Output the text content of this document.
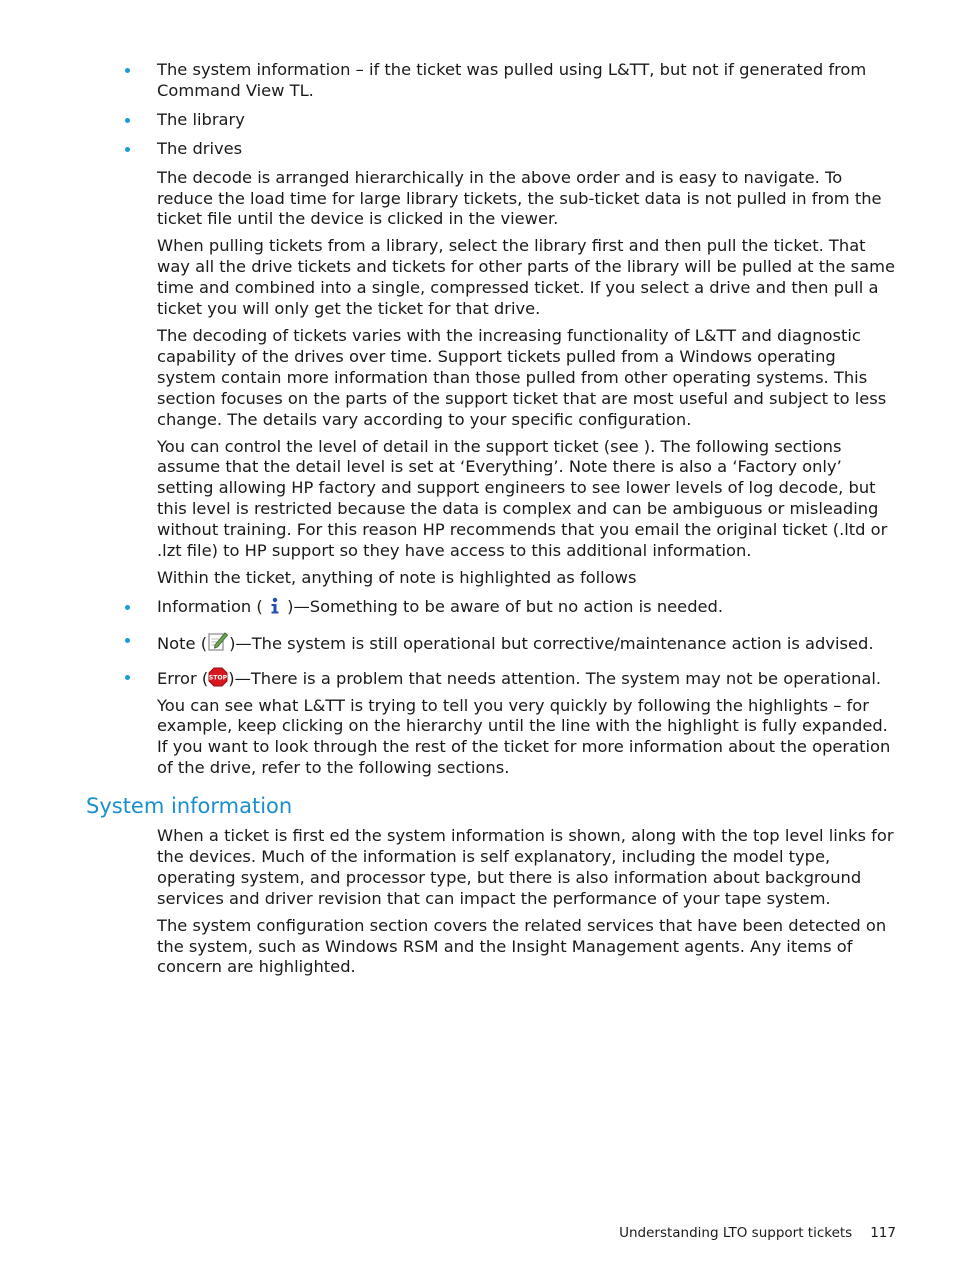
The system information – if the ticket was pulled using L&TT, but not if generated from Command View TL.
The library
The drives

The decode is arranged hierarchically in the above order and is easy to navigate. To reduce the load time for large library tickets, the sub-ticket data is not pulled in from the ticket file until the device is clicked in the viewer.

When pulling tickets from a library, select the library first and then pull the ticket. That way all the drive tickets and tickets for other parts of the library will be pulled at the same time and combined into a single, compressed ticket. If you select a drive and then pull a ticket you will only get the ticket for that drive.

The decoding of tickets varies with the increasing functionality of L&TT and diagnostic capability of the drives over time. Support tickets pulled from a Windows operating system contain more information than those pulled from other operating systems. This section focuses on the parts of the support ticket that are most useful and subject to less change. The details vary according to your specific configuration.

You can control the level of detail in the support ticket (see ). The following sections assume that the detail level is set at ‘Everything’. Note there is also a ‘Factory only’ setting allowing HP factory and support engineers to see lower levels of log decode, but this level is restricted because the data is complex and can be ambiguous or misleading without training. For this reason HP recommends that you email the original ticket (.ltd or .lzt file) to HP support so they have access to this additional information.

Within the ticket, anything of note is highlighted as follows

Information (  )—Something to be aware of but no action is needed.
Note ( )—The system is still operational but corrective/maintenance action is advised.
Error ( STOP )—There is a problem that needs attention. The system may not be operational.

You can see what L&TT is trying to tell you very quickly by following the highlights – for example, keep clicking on the hierarchy until the line with the highlight is fully expanded. If you want to look through the rest of the ticket for more information about the operation of the drive, refer to the following sections.

System information

When a ticket is first ed the system information is shown, along with the top level links for the devices. Much of the information is self explanatory, including the model type, operating system, and processor type, but there is also information about background services and driver revision that can impact the performance of your tape system.

The system configuration section covers the related services that have been detected on the system, such as Windows RSM and the Insight Management agents. Any items of concern are highlighted.

Understanding LTO support tickets 117
